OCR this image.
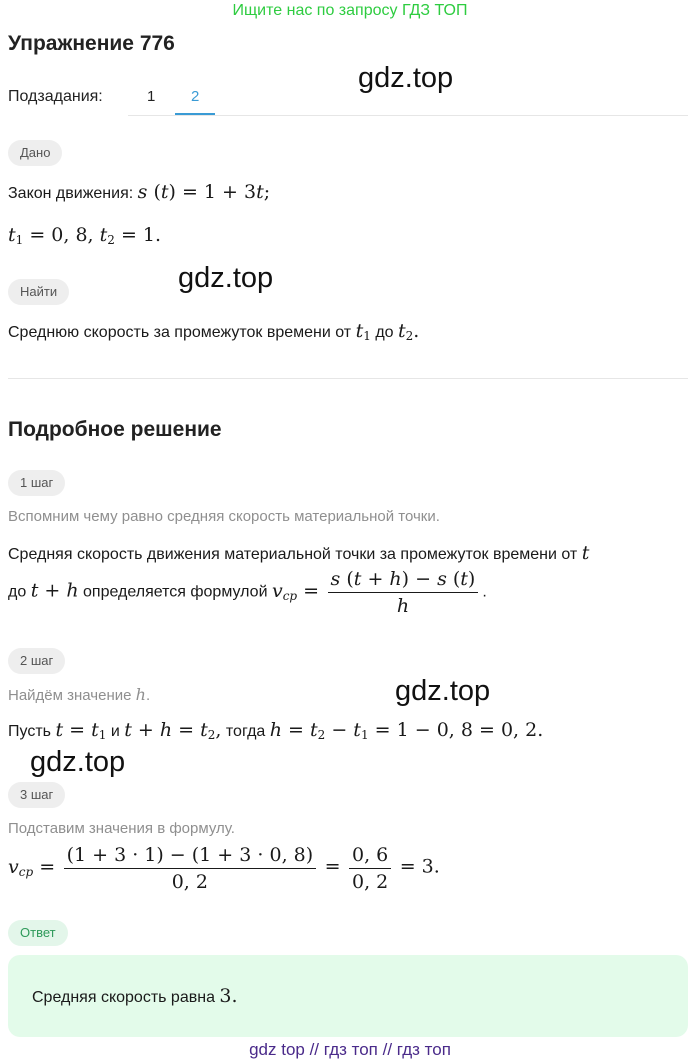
Ищите нас по запросу ГДЗ ТОП
Упражнение 776
Подзадания:	1 2
gdz.top
Дано
Закон движения: s (t) = 1 + 3t;
$t_1 = 0$, 8, $t_2 = 1$.
gdz.top
Найти
Среднюю скорость за промежуток времени от $t_1$ до $t_2$.
Подробное решение
1 шаг
Вспомним чему равно средняя скорость материальной точки.
Средняя скорость движения материальной точки за промежуток времени от t
до t + h определяется формулой $v_{cp} = \frac{s (t + h) - s (t)}{h}$ .
2 шаг
Найдём значение h.	gdz.top
Пусть $t = t_1$ и $t + h = t_2$, тогда $h = t_2 - t_1 = 1 - 0$, 8 = 0, 2.
gdz.top
3 шаг
Подставим значения в формулу.
$v_{cp} = \frac{(1 + 3 \cdot 1) - (1 + 3 \cdot 0, 8)}{0, 2} = \frac{0, 6}{0, 2} = 3$.
Ответ
Средняя скорость равна 3.
gdz top // гдз топ // гдз топ
